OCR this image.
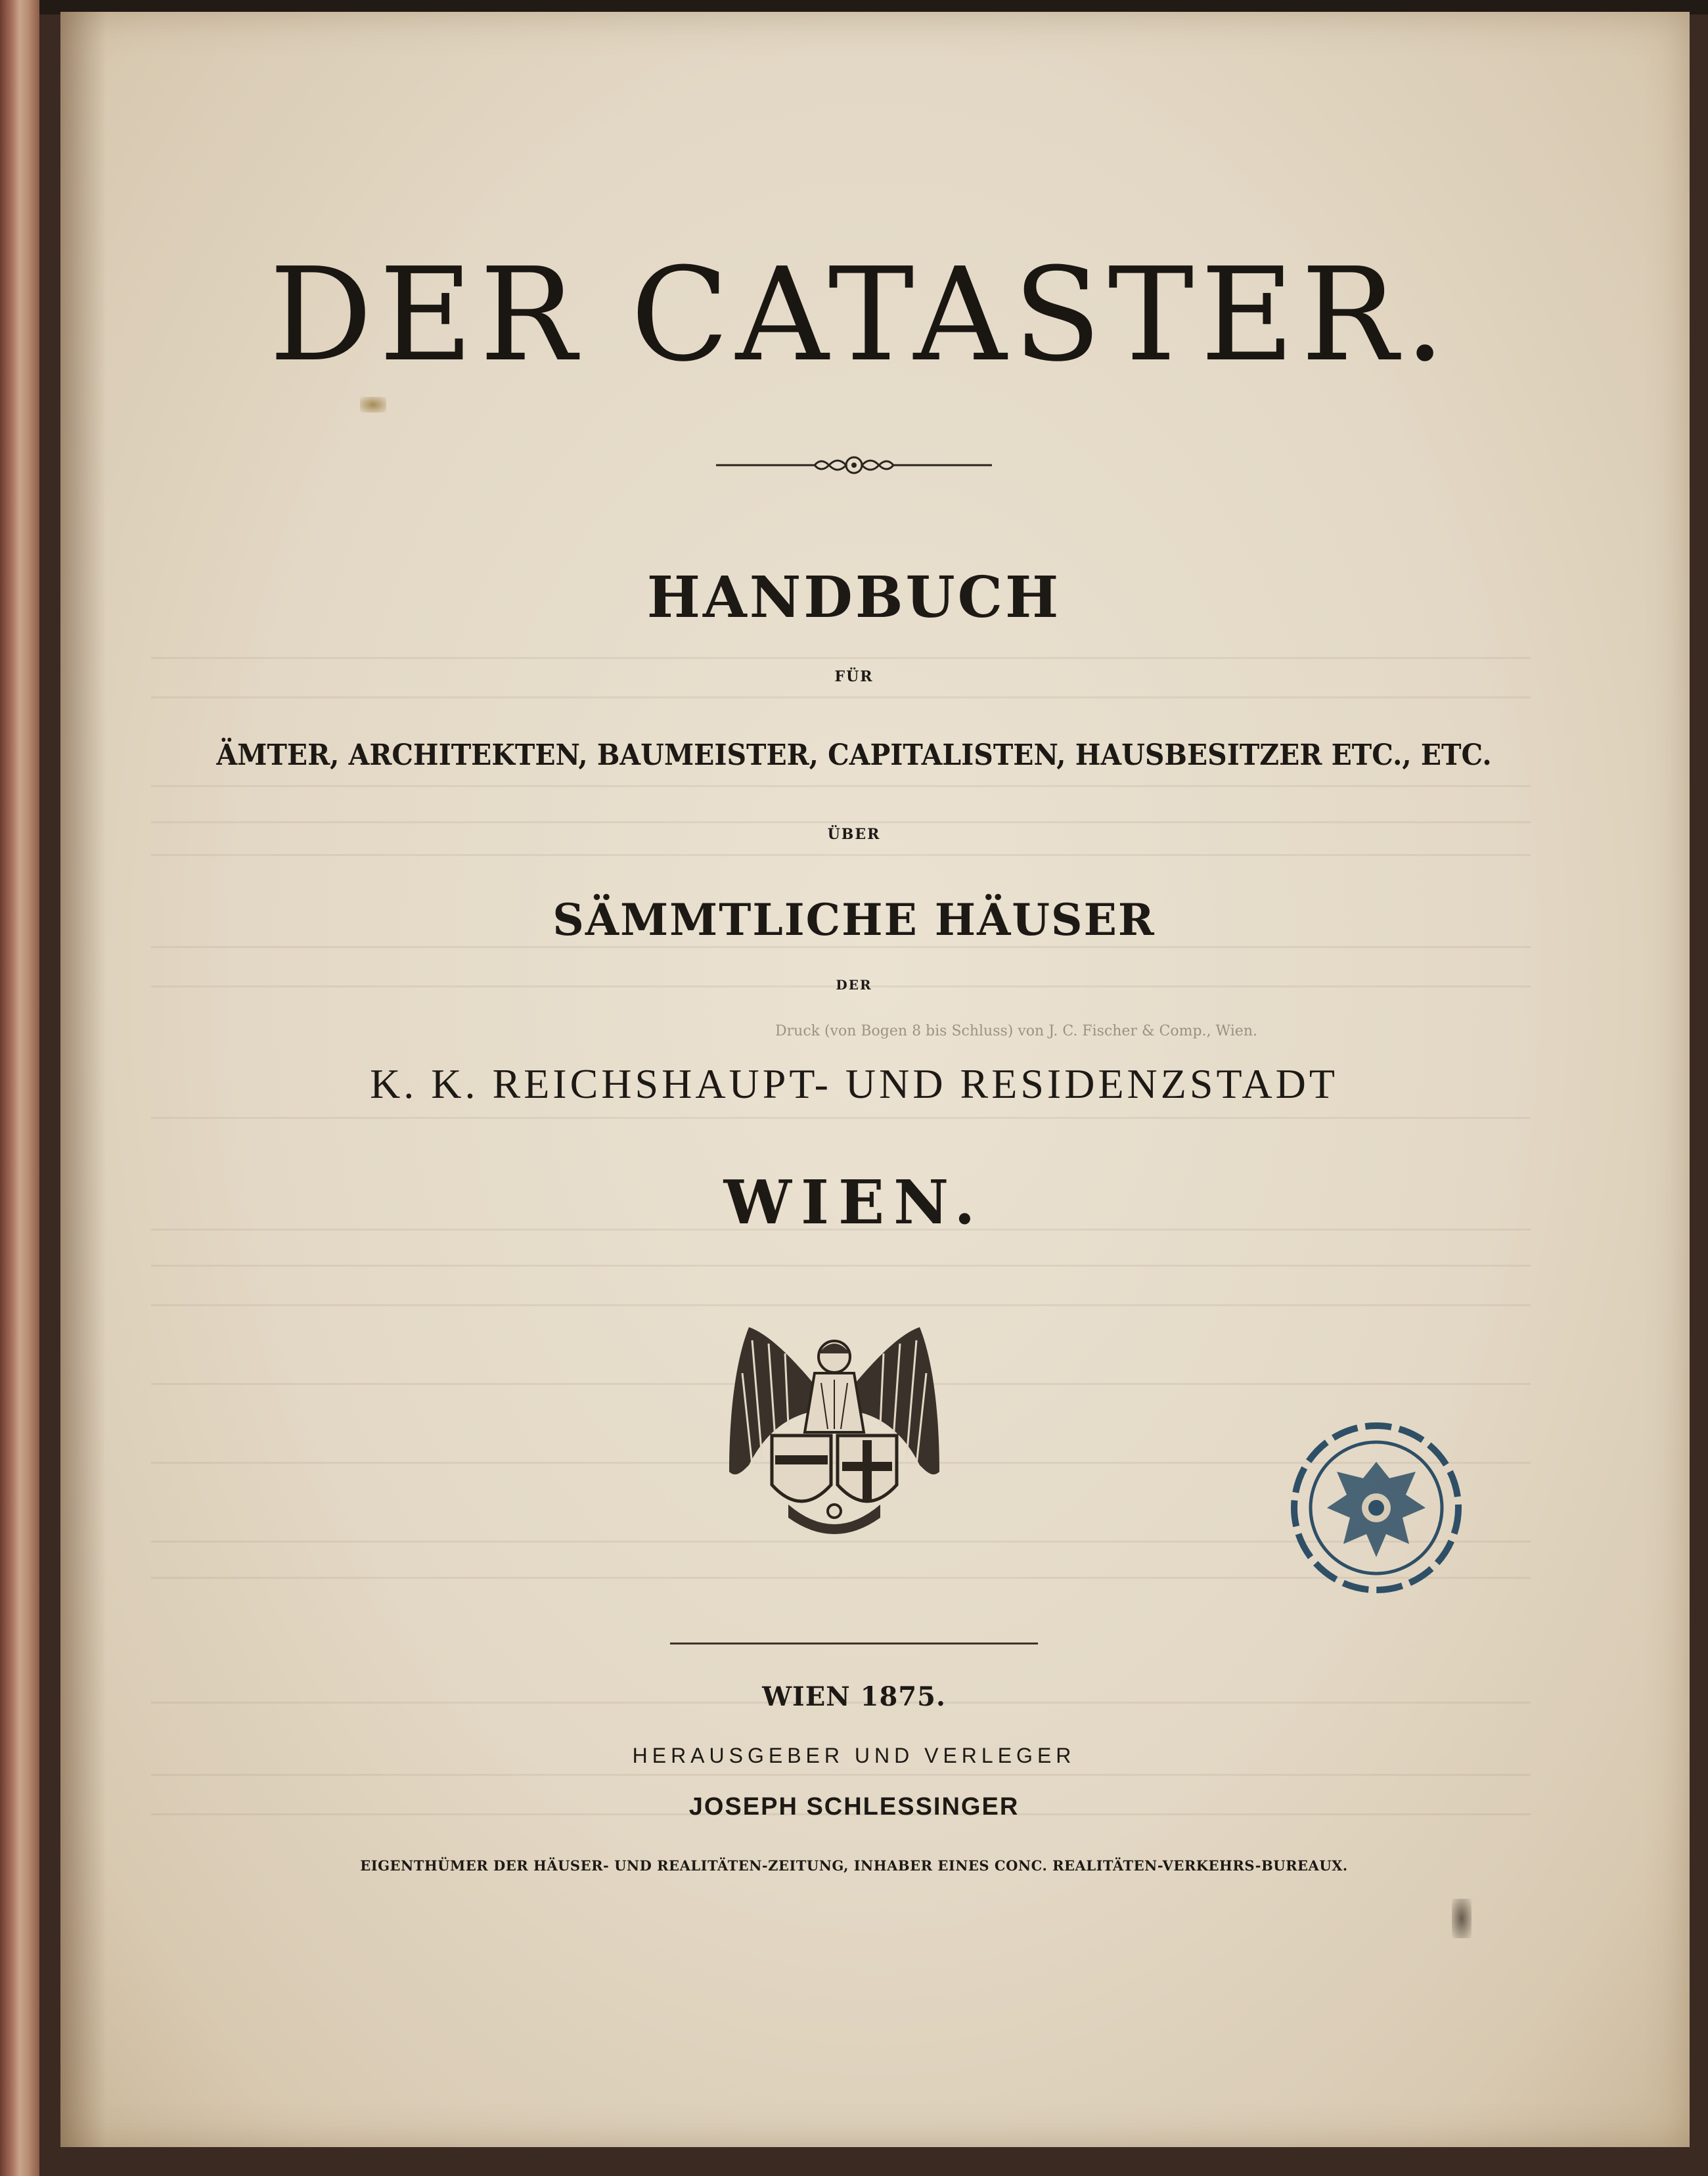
DER CATASTER.
HANDBUCH
FÜR
ÄMTER, ARCHITEKTEN, BAUMEISTER, CAPITALISTEN, HAUSBESITZER ETC., ETC.
ÜBER
SÄMMTLICHE HÄUSER
DER
Druck (von Bogen 8 bis Schluss) von J. C. Fischer & Comp., Wien.
K. K. REICHSHAUPT- UND RESIDENZSTADT
WIEN.
WIEN 1875.
HERAUSGEBER UND VERLEGER
JOSEPH SCHLESSINGER
EIGENTHÜMER DER HÄUSER- UND REALITÄTEN-ZEITUNG, INHABER EINES CONC. REALITÄTEN-VERKEHRS-BUREAUX.
